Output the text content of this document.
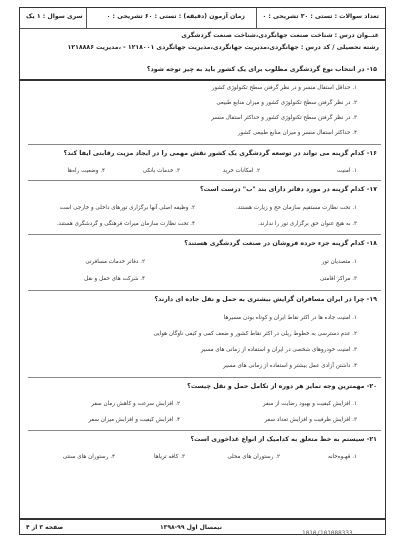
تعداد سوالات : تستی : ۳۰ تشریحی : ۰
زمان آزمون (دقیقه) : تستی : ۶۰ تشریحی : ۰
سری سوال : ۱ یک
عنــوان درس : شناخت صنعت جهانگردی،شناخت صنعت گردشگری
رشته تحصیلی / کد درس : جهانگردی،مدیریت جهانگردی،مدیریت جهانگردی ۱۲۱۸۰۰۱ - ،مدیریت ۱۲۱۸۸۸۶
۱۵- در انتخاب نوع گردشگری مطلوب برای یک کشور باید به چیز توجه شود؟
۱. حداقل استفال منسر و در نظر گرفتن سطح تکنولوژی کشور
۲. در نظر گرفتن سطح تکنولوژی کشور و میزان منابع طبیعی
۳. در نظر گرفتن سطح تکنولوژی کشور و حداکثر استفال منسر
۴. حداکثر استفال منسر و میزان منابع طبیعی کشور
۱۶- کدام گزینه می تواند در توسعه گردشگری یک کشور نقش مهمی را در ایجاد مزیت رقابتی ایفا کند؟
۱. امنیت
۲. امکانات خرید
۳. خدمات بانکی
۴. وضعیت راه‌ها
۱۷- کدام گزینه در مورد دفاتر دارای بند "ب" درست است؟
۱. تحت نظارت مستقیم سازمان حج و زیارت هستند.
۲. وظیفه اصلی آنها برگزاری تورهای داخلی و خارجی است
۳. به هیچ عنوان حق برگزاری تور را ندارند.
۴. تحت نظارت سازمان میراث فرهنگی و گردشگری هستند.
۱۸- کدام گزینه جزء حرده فروشان در صنعت گردشگری هستند؟
۱. متصدیان تور
۲. دفاتر خدمات مسافرتی
۳. مراکز اقامتی
۴. شرکت های حمل و نقل
۱۹- چرا در ایران مسافران گرایش بیشتری به حمل و نقل جاده ای دارند؟
۱. امنیت جاده ها در اکثر نقاط ایران و کوتاه بودن مسیرها
۲. عدم دسترسی به خطوط ریلی در اکثر نقاط کشور و ضعف کمی و کیفی ناوگان هوایی
۳. امنیت خودروهای شخصی در ایران و استفاده از زمانی های مسیر
۴. داشتن آزادی عمل بیشتر و استفاده از زمانی های مسیر
۲۰- مهمترین وجه تمایز هر دوره از تکامل حمل و نقل چیست؟
۱. افزایش کیفیت و بهبود رضایت از سفر
۲. افزایش سرعت و کاهش زمان سفر
۳. افزایش ظرفیت و افزایش تعداد سفر
۴. افزایش کیفیت و افزایش میزان سفر
۲۱- سیستم به خط متعلق به کدامیک از انواع غذاخوری است؟
۱. قهـوه‌خانه
۲. رستوران های محلی
۳. کافه تریاها
۴. رستوران های سنتی
صفحه ۳ از ۴	نیمسال اول ۹۹-۱۳۹۸
1010/101088333
